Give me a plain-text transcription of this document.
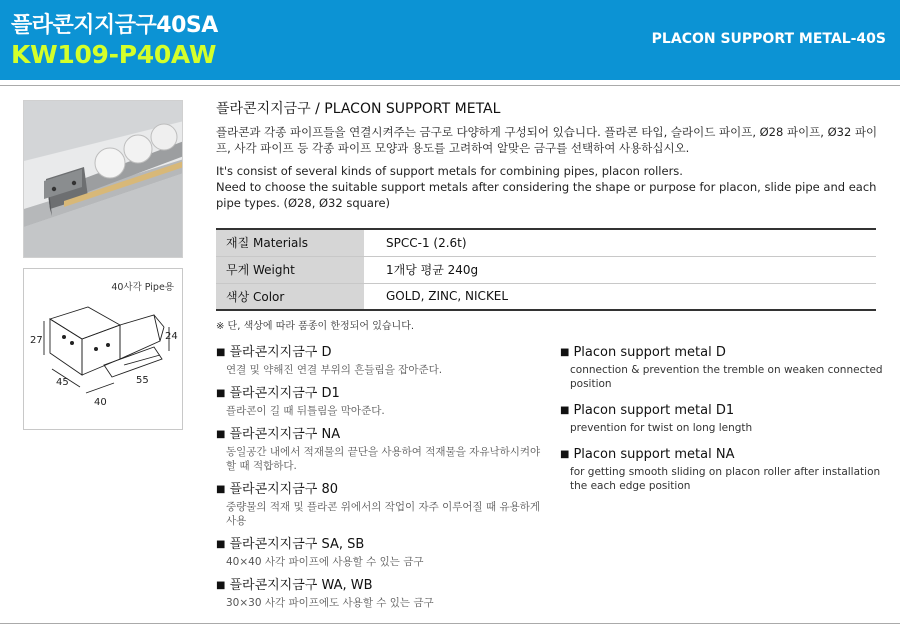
플라콘지지금구40SA
KW109-P40AW
PLACON SUPPORT METAL-40S
40사각 Pipe용
27	24
45	55
40
플라콘지지금구 / PLACON SUPPORT METAL
플라콘과 각종 파이프들을 연결시켜주는 금구로 다양하게 구성되어 있습니다. 플라콘 타입, 슬라이드 파이프, Ø28 파이프, Ø32 파이프, 사각 파이프 등 각종 파이프 모양과 용도를 고려하여 알맞은 금구를 선택하여 사용하십시오.
It's consist of several kinds of support metals for combining pipes, placon rollers.
Need to choose the suitable support metals after considering the shape or purpose for placon, slide pipe and each pipe types. (Ø28, Ø32 square)
재질 Materials	SPCC-1 (2.6t)
무게 Weight	1개당 평균 240g
색상 Color	GOLD, ZINC, NICKEL
※ 단, 색상에 따라 품종이 한정되어 있습니다.
■ 플라콘지지금구 D
연결 및 약해진 연결 부위의 흔들림을 잡아준다.
■ 플라콘지지금구 D1
플라콘이 길 때 뒤틀림을 막아준다.
■ 플라콘지지금구 NA
동일공간 내에서 적재물의 끝단을 사용하여 적재물을 자유낙하시켜야할 때 적합하다.
■ 플라콘지지금구 80
중량물의 적재 및 플라콘 위에서의 작업이 자주 이루어질 때 유용하게 사용
■ 플라콘지지금구 SA, SB
40×40 사각 파이프에 사용할 수 있는 금구
■ 플라콘지지금구 WA, WB
30×30 사각 파이프에도 사용할 수 있는 금구
■ Placon support metal D
connection & prevention the tremble on weaken connected position
■ Placon support metal D1
prevention for twist on long length
■ Placon support metal NA
for getting smooth sliding on placon roller after installation the each edge position
